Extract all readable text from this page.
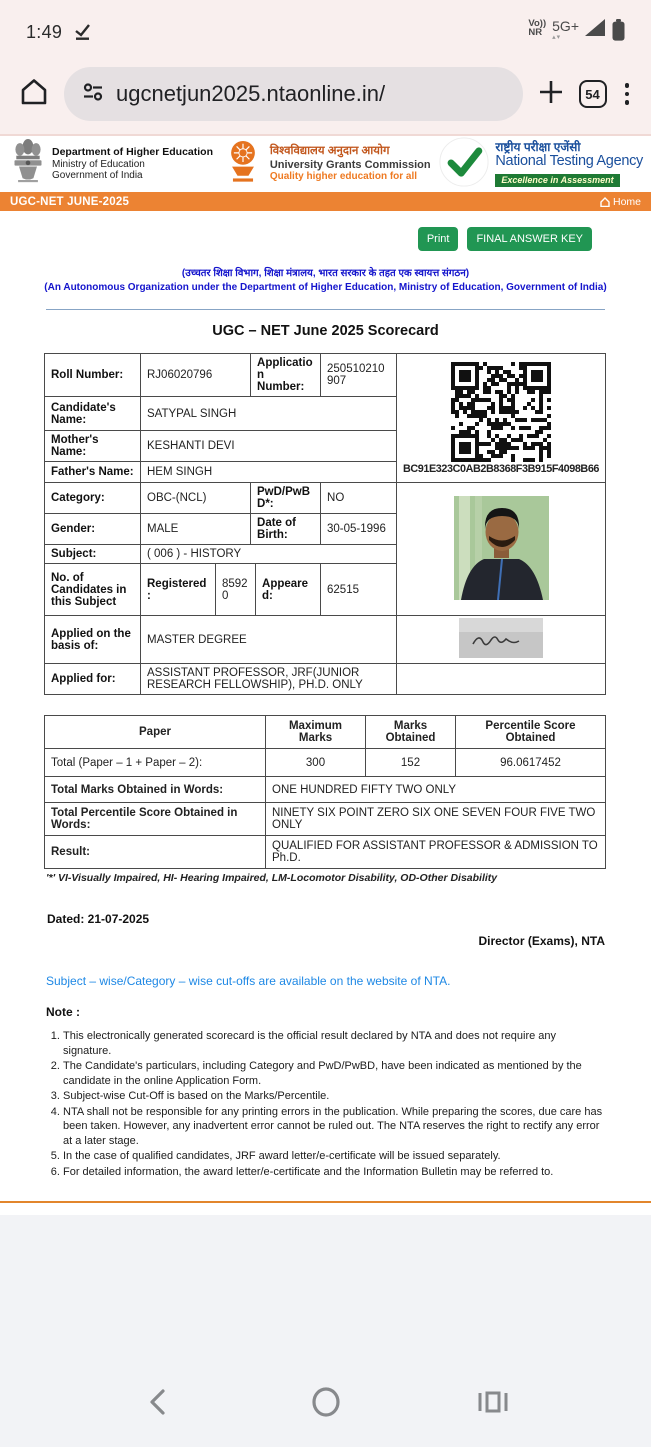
1:49	Vo))
NR 5G+
▴▾
ugcnetjun2025.ntaonline.in/	54
Department of Higher Education
Ministry of Education
Government of India
विश्वविद्यालय अनुदान आयोग
University Grants Commission
Quality higher education for all
राष्ट्रीय परीक्षा एजेंसी
National Testing Agency
Excellence in Assessment
UGC-NET JUNE-2025	Home
Print	FINAL ANSWER KEY
(उच्चतर शिक्षा विभाग, शिक्षा मंत्रालय, भारत सरकार के तहत एक स्वायत्त संगठन)
(An Autonomous Organization under the Department of Higher Education, Ministry of Education, Government of India)
UGC – NET June 2025 Scorecard
Roll Number:	RJ06020796		Application Number:		250510210907	BC91E323C0AB2B8368F3B915F4098B66

Candidate's Name:	SATYPAL SINGH					
Mother's Name:	KESHANTI DEVI					
Father's Name:	HEM SINGH					
Category:	OBC-(NCL)		PwD/PwBD*:		NO	
Gender:	MALE		Date of Birth:		30-05-1996	
Subject:	( 006 ) - HISTORY					
No. of Candidates in this Subject	Registered:	85920		Appeared:	62515	
Applied on the basis of:	MASTER DEGREE	
Applied for:	ASSISTANT PROFESSOR, JRF(JUNIOR RESEARCH FELLOWSHIP), PH.D. ONLY					
Paper	Maximum Marks	Marks Obtained	Percentile Score Obtained
Total (Paper – 1 + Paper – 2):	300	152	96.0617452
Total Marks Obtained in Words:	ONE HUNDRED FIFTY TWO ONLY		
Total Percentile Score Obtained in Words:	NINETY SIX POINT ZERO SIX ONE SEVEN FOUR FIVE TWO ONLY		
Result:	QUALIFIED FOR ASSISTANT PROFESSOR & ADMISSION TO Ph.D.		
'*' VI-Visually Impaired, HI- Hearing Impaired, LM-Locomotor Disability, OD-Other Disability
Dated: 21-07-2025
Director (Exams), NTA
Subject – wise/Category – wise cut-offs are available on the website of NTA.
Note :
1. This electronically generated scorecard is the official result declared by NTA and does not require any signature.
2. The Candidate's particulars, including Category and PwD/PwBD, have been indicated as mentioned by the candidate in the online Application Form.
3. Subject-wise Cut-Off is based on the Marks/Percentile.
4. NTA shall not be responsible for any printing errors in the publication. While preparing the scores, due care has been taken. However, any inadvertent error cannot be ruled out. The NTA reserves the right to rectify any error at a later stage.
5. In the case of qualified candidates, JRF award letter/e-certificate will be issued separately.
6. For detailed information, the award letter/e-certificate and the Information Bulletin may be referred to.
